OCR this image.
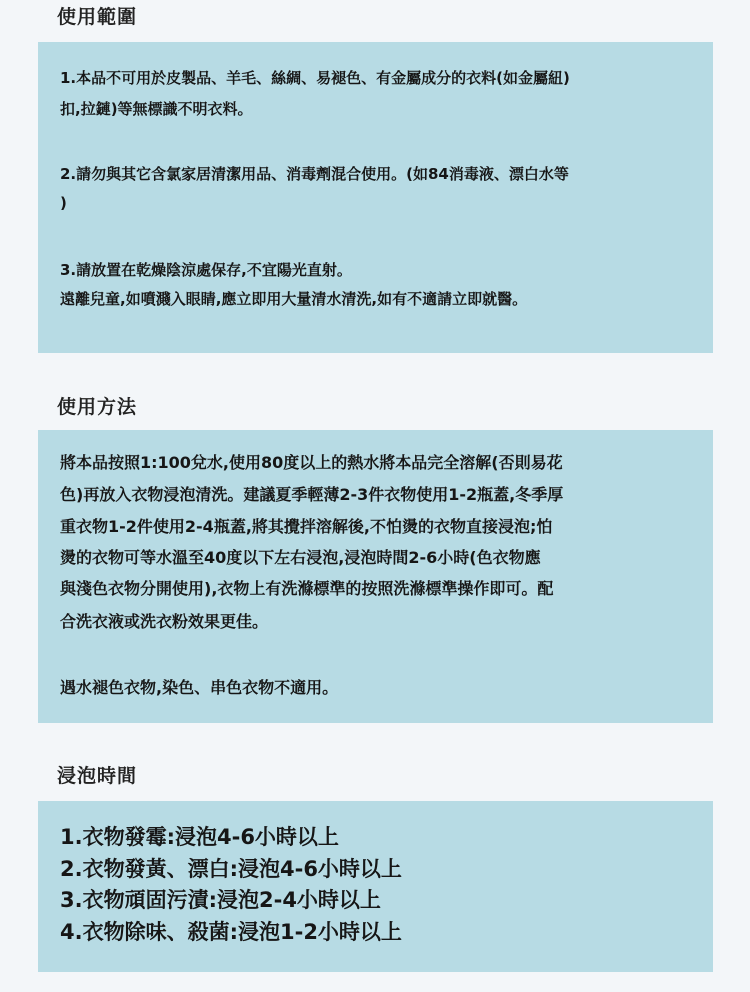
使用範圍
1.本品不可用於皮製品、羊毛、絲綢、易褪色、有金屬成分的衣料(如金屬紐)
扣,拉鏈)等無標識不明衣料。
2.請勿與其它含氯家居清潔用品、消毒劑混合使用。(如84消毒液、漂白水等
)
3.請放置在乾燥陰涼處保存,不宜陽光直射。
遠離兒童,如噴濺入眼睛,應立即用大量清水清洗,如有不適請立即就醫。
使用方法
將本品按照1:100兌水,使用80度以上的熱水將本品完全溶解(否則易花
色)再放入衣物浸泡清洗。建議夏季輕薄2-3件衣物使用1-2瓶蓋,冬季厚
重衣物1-2件使用2-4瓶蓋,將其攪拌溶解後,不怕燙的衣物直接浸泡;怕
燙的衣物可等水溫至40度以下左右浸泡,浸泡時間2-6小時(色衣物應
與淺色衣物分開使用),衣物上有洗滌標準的按照洗滌標準操作即可。配
合洗衣液或洗衣粉效果更佳。
遇水褪色衣物,染色、串色衣物不適用。
浸泡時間
1.衣物發霉:浸泡4-6小時以上
2.衣物發黃、漂白:浸泡4-6小時以上
3.衣物頑固污漬:浸泡2-4小時以上
4.衣物除味、殺菌:浸泡1-2小時以上
